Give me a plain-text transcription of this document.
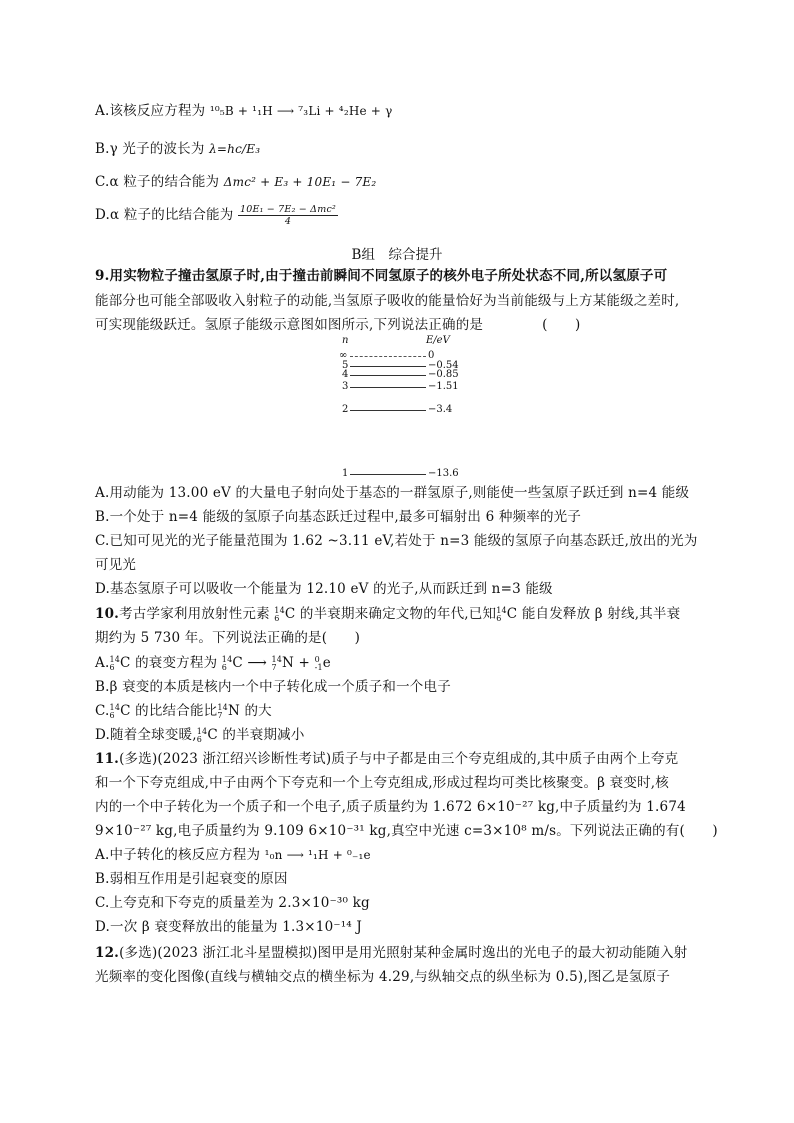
A.该核反应方程为 ¹⁰₅B + ¹₁H ⟶ ⁷₃Li + ⁴₂He + γ
B.γ 光子的波长为 λ=hc/E₃
C.α 粒子的结合能为 Δmc² + E₃ + 10E₁ − 7E₂
D.α 粒子的比结合能为 $\frac{\text{10E₁ − 7E₂ − Δmc²}}{4}$
B组　综合提升
9.用实物粒子撞击氢原子时,由于撞击前瞬间不同氢原子的核外电子所处状态不同,所以氢原子可
能部分也可能全部吸收入射粒子的动能,当氢原子吸收的能量恰好为当前能级与上方某能级之差时,
可实现能级跃迁。氢原子能级示意图如图所示,下列说法正确的是	(　　)
n	E/eV
∞	0
5	−0.54
4	−0.85
3	−1.51
2	−3.4
1	−13.6
A.用动能为 13.00 eV 的大量电子射向处于基态的一群氢原子,则能使一些氢原子跃迁到 n=4 能级
B.一个处于 n=4 能级的氢原子向基态跃迁过程中,最多可辐射出 6 种频率的光子
C.已知可见光的光子能量范围为 1.62 ~3.11 eV,若处于 n=3 能级的氢原子向基态跃迁,放出的光为
可见光
D.基态氢原子可以吸收一个能量为 12.10 eV 的光子,从而跃迁到 n=3 能级
10.考古学家利用放射性元素 14
6 C 的半衰期来确定文物的年代,已知 14
6 C 能自发释放 β 射线,其半衰
期约为 5 730 年。下列说法正确的是(　　)
A. 14
6 C 的衰变方程为 14
6 C ⟶ 14
7 N + 0
-1 e
B.β 衰变的本质是核内一个中子转化成一个质子和一个电子
C. 14
6 C 的比结合能比 14
7 N 的大
D.随着全球变暖, 14
6 C 的半衰期减小
11.(多选)(2023 浙江绍兴诊断性考试)质子与中子都是由三个夸克组成的,其中质子由两个上夸克
和一个下夸克组成,中子由两个下夸克和一个上夸克组成,形成过程均可类比核聚变。β 衰变时,核
内的一个中子转化为一个质子和一个电子,质子质量约为 1.672 6×10⁻²⁷ kg,中子质量约为 1.674
9×10⁻²⁷ kg,电子质量约为 9.109 6×10⁻³¹ kg,真空中光速 c=3×10⁸ m/s。下列说法正确的有(　　)
A.中子转化的核反应方程为 ¹₀n ⟶ ¹₁H + ⁰₋₁e
B.弱相互作用是引起衰变的原因
C.上夸克和下夸克的质量差为 2.3×10⁻³⁰ kg
D.一次 β 衰变释放出的能量为 1.3×10⁻¹⁴ J
12.(多选)(2023 浙江北斗星盟模拟)图甲是用光照射某种金属时逸出的光电子的最大初动能随入射
光频率的变化图像(直线与横轴交点的横坐标为 4.29,与纵轴交点的纵坐标为 0.5),图乙是氢原子
